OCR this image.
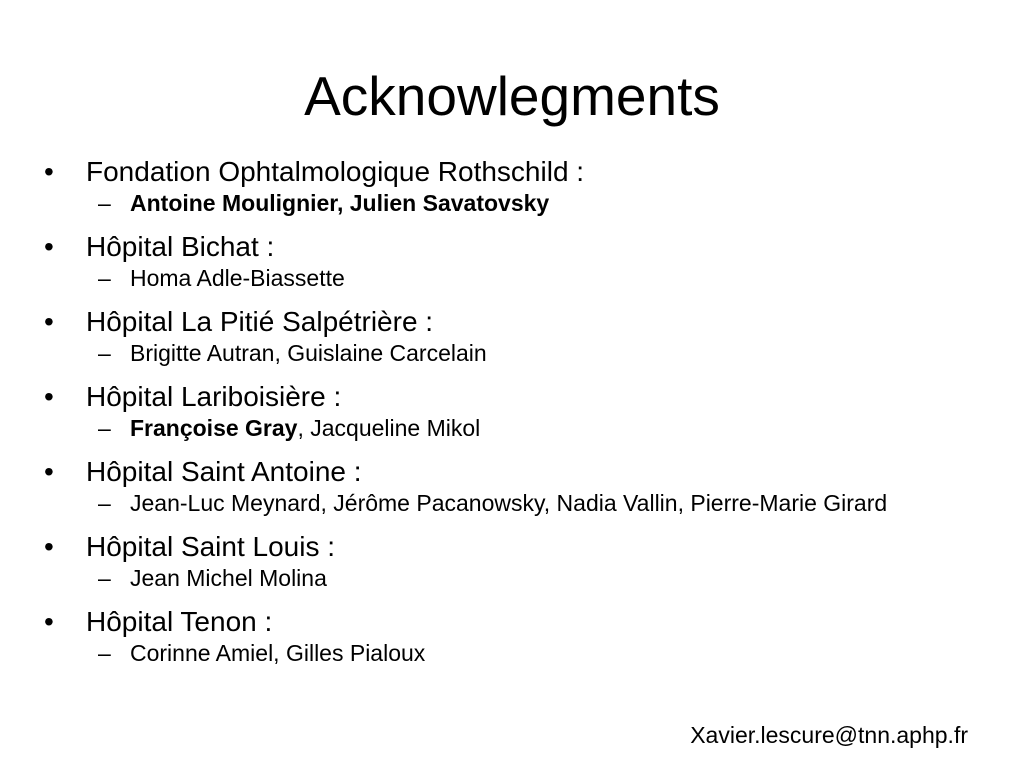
Acknowlegments
• Fondation Ophtalmologique Rothschild :
– Antoine Moulignier, Julien Savatovsky
• Hôpital Bichat :
– Homa Adle-Biassette
• Hôpital La Pitié Salpétrière :
– Brigitte Autran, Guislaine Carcelain
• Hôpital Lariboisière :
– Françoise Gray, Jacqueline Mikol
• Hôpital Saint Antoine :
– Jean-Luc Meynard, Jérôme Pacanowsky, Nadia Vallin, Pierre-Marie Girard
• Hôpital Saint Louis :
– Jean Michel Molina
• Hôpital Tenon :
– Corinne Amiel, Gilles Pialoux
Xavier.lescure@tnn.aphp.fr
